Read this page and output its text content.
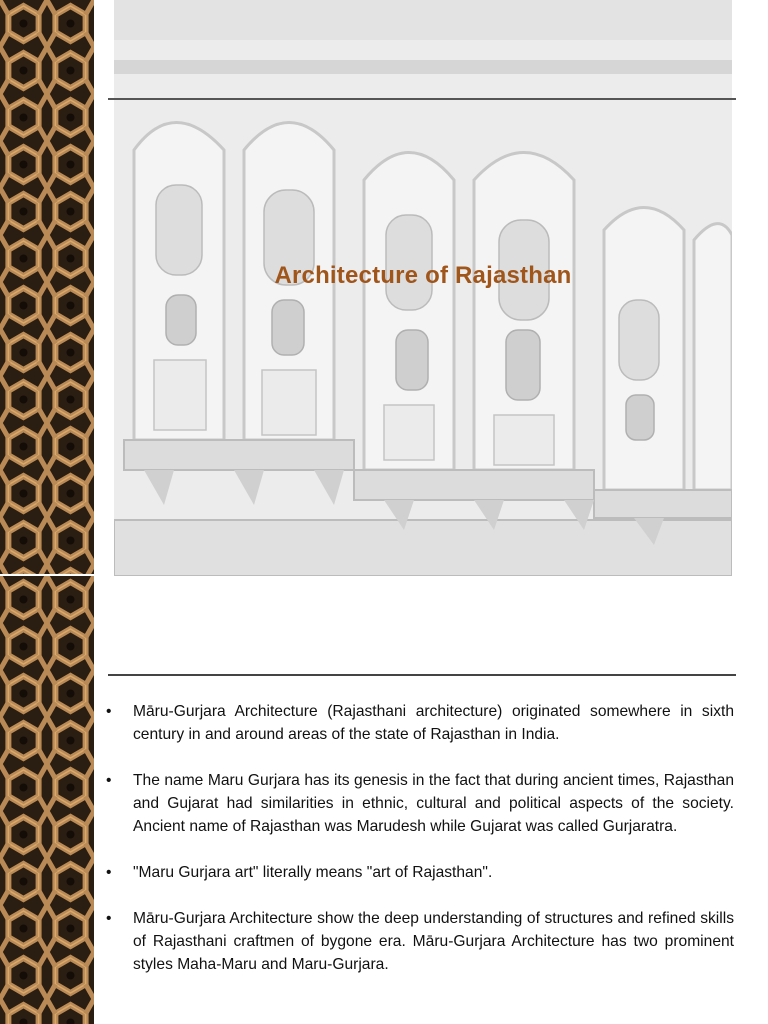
Architecture of Rajasthan
• Māru-Gurjara Architecture (Rajasthani architecture) originated somewhere in sixth century in and around areas of the state of Rajasthan in India.
• The name Maru Gurjara has its genesis in the fact that during ancient times, Rajasthan and Gujarat had similarities in ethnic, cultural and political aspects of the society. Ancient name of Rajasthan was Marudesh while Gujarat was called Gurjaratra.
• "Maru Gurjara art" literally means "art of Rajasthan".
• Māru-Gurjara Architecture show the deep understanding of structures and refined skills of Rajasthani craftmen of bygone era. Māru-Gurjara Architecture has two prominent styles Maha-Maru and Maru-Gurjara.
